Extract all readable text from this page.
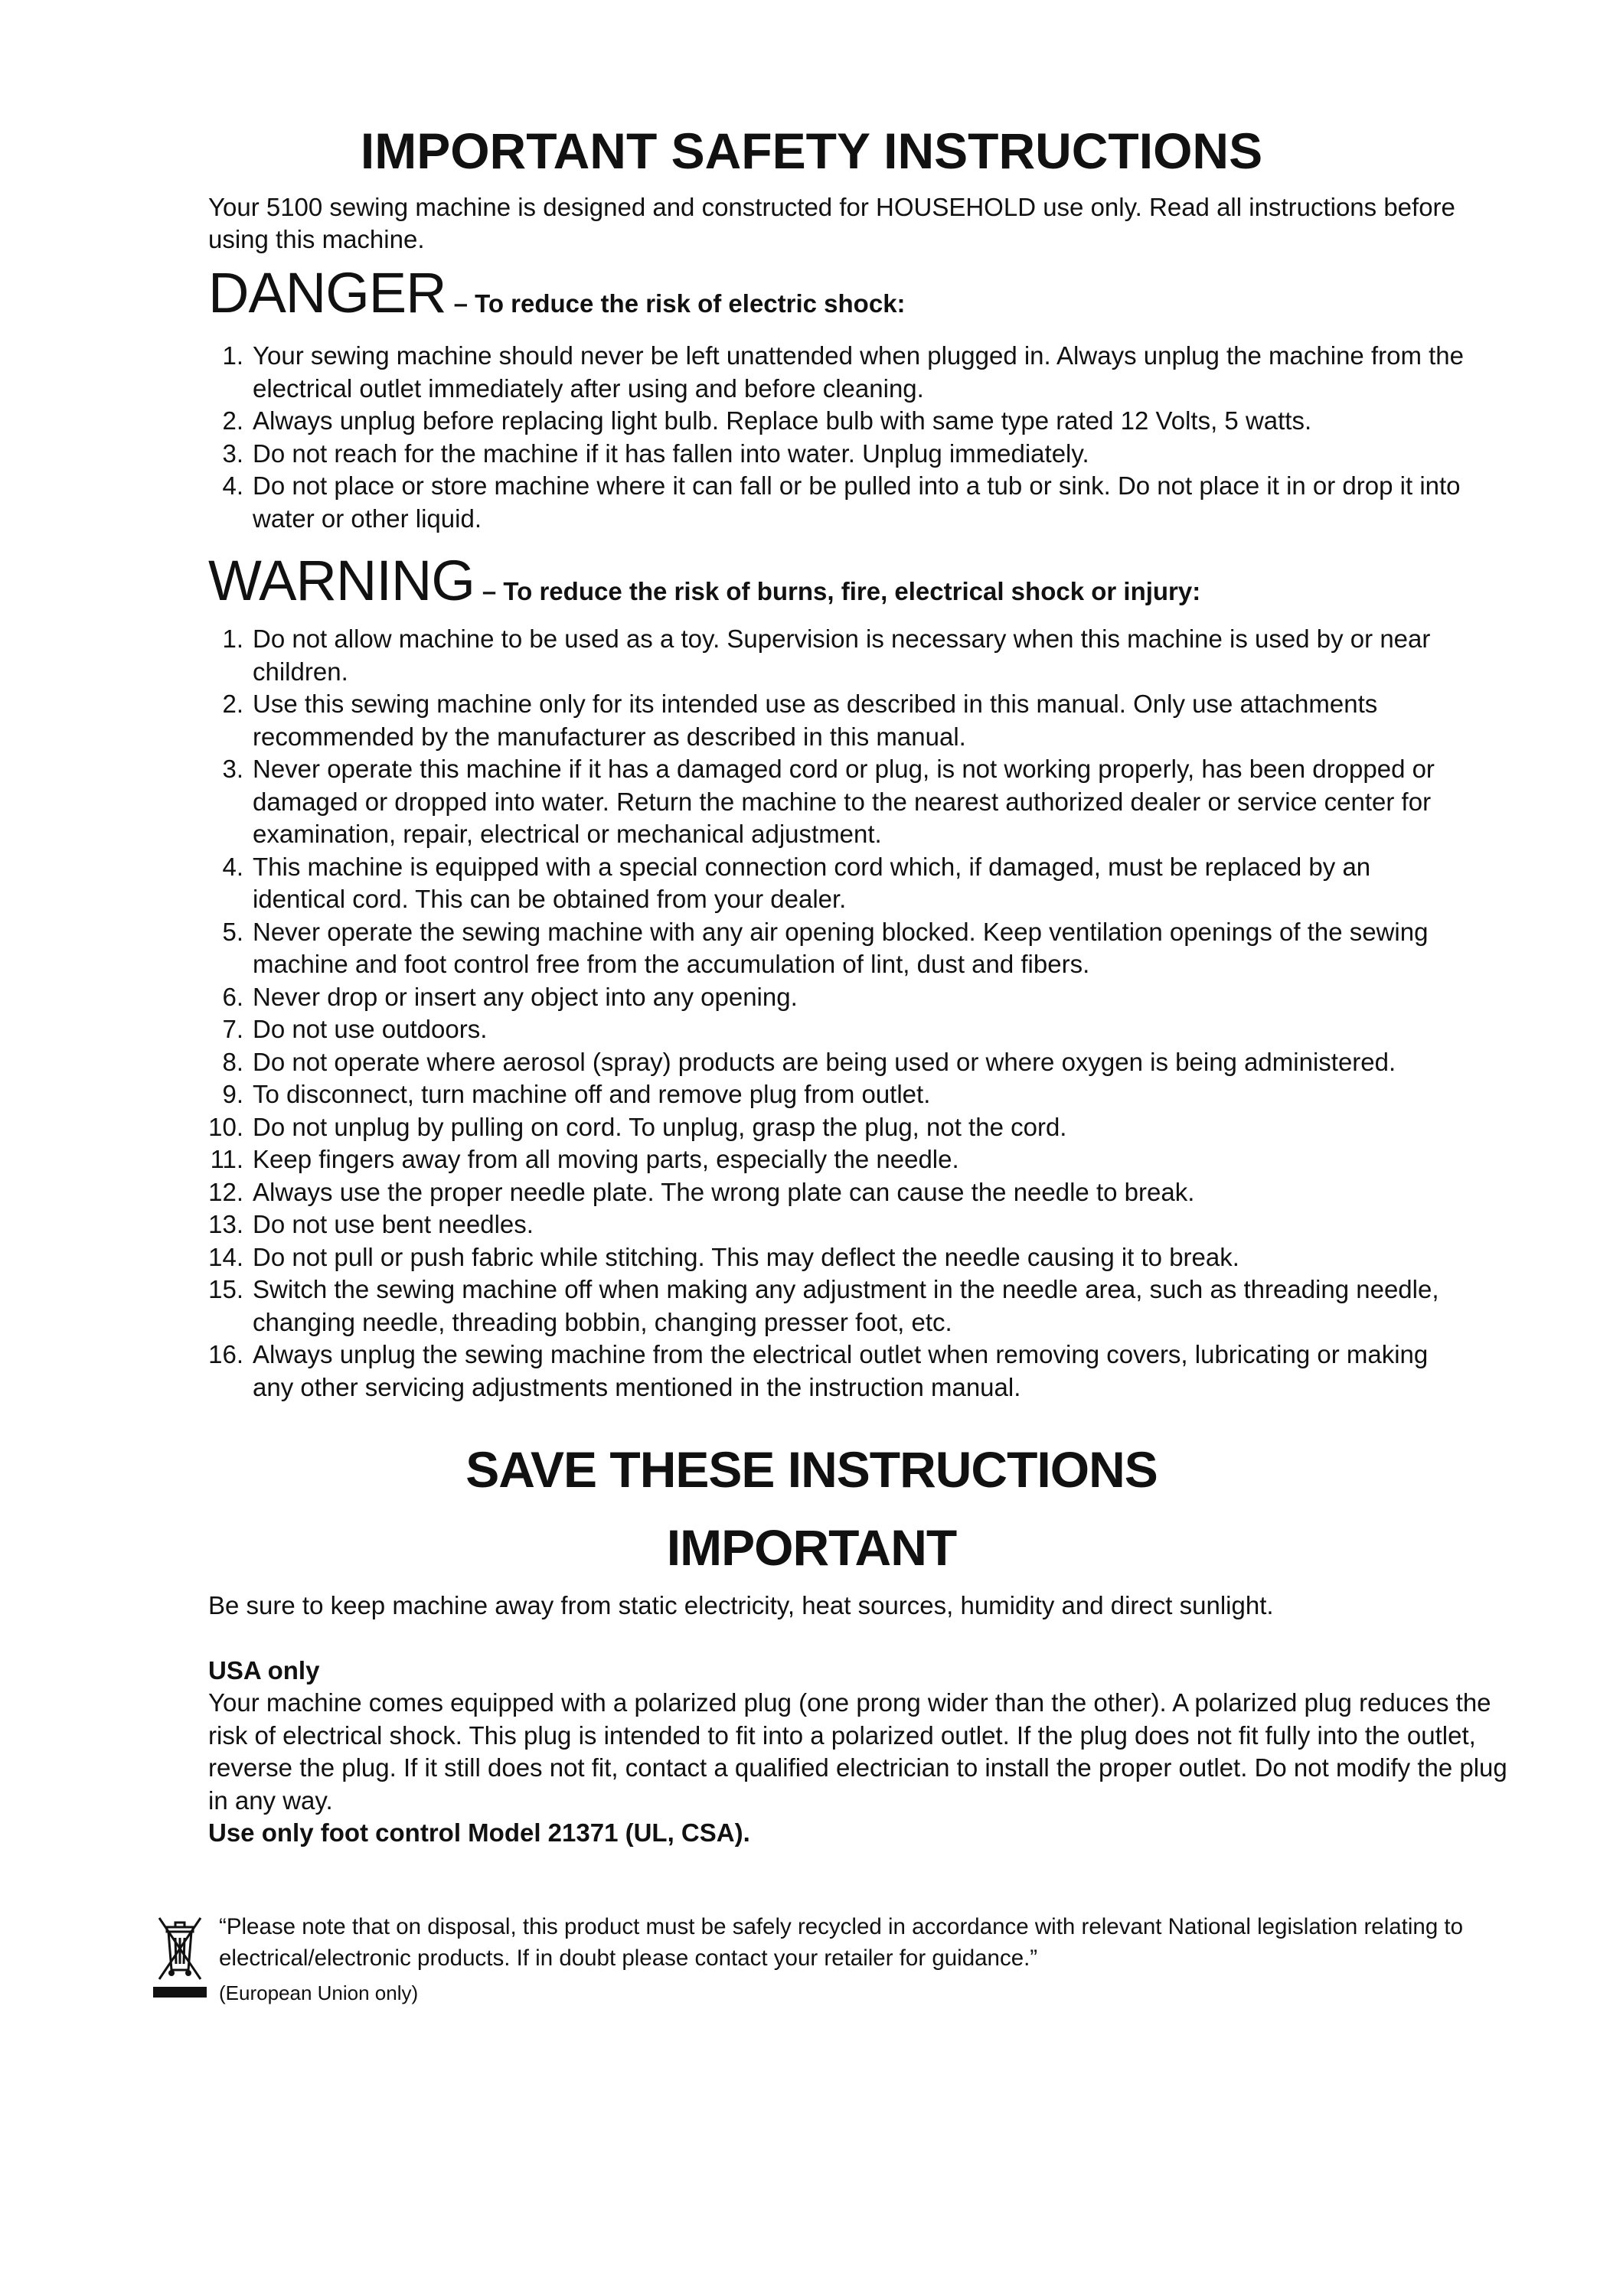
IMPORTANT SAFETY INSTRUCTIONS

Your 5100 sewing machine is designed and constructed for HOUSEHOLD use only. Read all instructions before using this machine.

DANGER – To reduce the risk of electric shock:
1. Your sewing machine should never be left unattended when plugged in. Always unplug the machine from the electrical outlet immediately after using and before cleaning.
2. Always unplug before replacing light bulb. Replace bulb with same type rated 12 Volts, 5 watts.
3. Do not reach for the machine if it has fallen into water. Unplug immediately.
4. Do not place or store machine where it can fall or be pulled into a tub or sink. Do not place it in or drop it into water or other liquid.
WARNING – To reduce the risk of burns, fire, electrical shock or injury:
1. Do not allow machine to be used as a toy. Supervision is necessary when this machine is used by or near children.
2. Use this sewing machine only for its intended use as described in this manual. Only use attachments recommended by the manufacturer as described in this manual.
3. Never operate this machine if it has a damaged cord or plug, is not working properly, has been dropped or damaged or dropped into water. Return the machine to the nearest authorized dealer or service center for examination, repair, electrical or mechanical adjustment.
4. This machine is equipped with a special connection cord which, if damaged, must be replaced by an identical cord. This can be obtained from your dealer.
5. Never operate the sewing machine with any air opening blocked. Keep ventilation openings of the sewing machine and foot control free from the accumulation of lint, dust and fibers.
6. Never drop or insert any object into any opening.
7. Do not use outdoors.
8. Do not operate where aerosol (spray) products are being used or where oxygen is being administered.
9. To disconnect, turn machine off and remove plug from outlet.
10. Do not unplug by pulling on cord. To unplug, grasp the plug, not the cord.
11. Keep fingers away from all moving parts, especially the needle.
12. Always use the proper needle plate. The wrong plate can cause the needle to break.
13. Do not use bent needles.
14. Do not pull or push fabric while stitching. This may deflect the needle causing it to break.
15. Switch the sewing machine off when making any adjustment in the needle area, such as threading needle, changing needle, threading bobbin, changing presser foot, etc.
16. Always unplug the sewing machine from the electrical outlet when removing covers, lubricating or making any other servicing adjustments mentioned in the instruction manual.
SAVE THESE INSTRUCTIONS
IMPORTANT

Be sure to keep machine away from static electricity, heat sources, humidity and direct sunlight.

USA only

Your machine comes equipped with a polarized plug (one prong wider than the other). A polarized plug reduces the risk of electrical shock. This plug is intended to fit into a polarized outlet. If the plug does not fit fully into the outlet, reverse the plug. If it still does not fit, contact a qualified electrician to install the proper outlet. Do not modify the plug in any way.

Use only foot control Model 21371 (UL, CSA).

“Please note that on disposal, this product must be safely recycled in accordance with relevant National legislation relating to electrical/electronic products. If in doubt please contact your retailer for guidance.”

(European Union only)
